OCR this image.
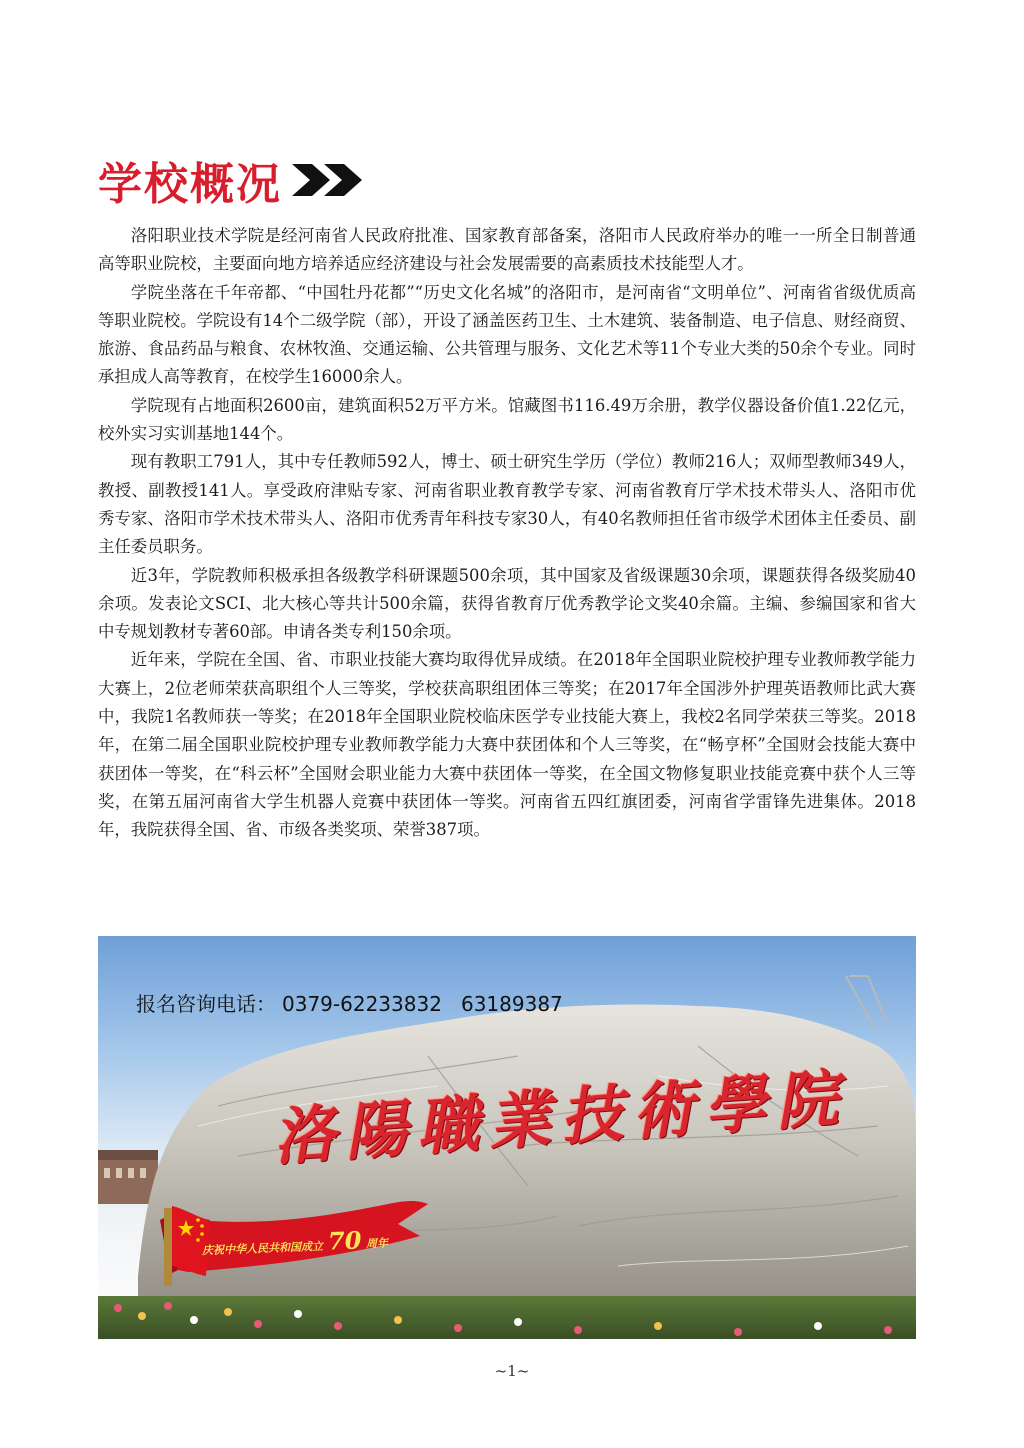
学校概况

洛阳职业技术学院是经河南省人民政府批准、国家教育部备案，洛阳市人民政府举办的唯一一所全日制普通高等职业院校，主要面向地方培养适应经济建设与社会发展需要的高素质技术技能型人才。

学院坐落在千年帝都、“中国牡丹花都”“历史文化名城”的洛阳市，是河南省“文明单位”、河南省省级优质高等职业院校。学院设有14个二级学院（部），开设了涵盖医药卫生、土木建筑、装备制造、电子信息、财经商贸、旅游、食品药品与粮食、农林牧渔、交通运输、公共管理与服务、文化艺术等11个专业大类的50余个专业。同时承担成人高等教育，在校学生16000余人。

学院现有占地面积2600亩，建筑面积52万平方米。馆藏图书116.49万余册，教学仪器设备价值1.22亿元，校外实习实训基地144个。

现有教职工791人，其中专任教师592人，博士、硕士研究生学历（学位）教师216人；双师型教师349人，教授、副教授141人。享受政府津贴专家、河南省职业教育教学专家、河南省教育厅学术技术带头人、洛阳市优秀专家、洛阳市学术技术带头人、洛阳市优秀青年科技专家30人，有40名教师担任省市级学术团体主任委员、副主任委员职务。

近3年，学院教师积极承担各级教学科研课题500余项，其中国家及省级课题30余项，课题获得各级奖励40余项。发表论文SCI、北大核心等共计500余篇，获得省教育厅优秀教学论文奖40余篇。主编、参编国家和省大中专规划教材专著60部。申请各类专利150余项。

近年来，学院在全国、省、市职业技能大赛均取得优异成绩。在2018年全国职业院校护理专业教师教学能力大赛上，2位老师荣获高职组个人三等奖，学校获高职组团体三等奖；在2017年全国涉外护理英语教师比武大赛中，我院1名教师获一等奖；在2018年全国职业院校临床医学专业技能大赛上，我校2名同学荣获三等奖。2018年，在第二届全国职业院校护理专业教师教学能力大赛中获团体和个人三等奖，在“畅亨杯”全国财会技能大赛中获团体一等奖，在“科云杯”全国财会职业能力大赛中获团体一等奖，在全国文物修复职业技能竞赛中获个人三等奖，在第五届河南省大学生机器人竞赛中获团体一等奖。河南省五四红旗团委，河南省学雷锋先进集体。2018年，我院获得全国、省、市级各类奖项、荣誉387项。

报名咨询电话： 0379-62233832   63189387
洛陽職業技術學院
庆祝中华人民共和国成立 70 周年
~1~
